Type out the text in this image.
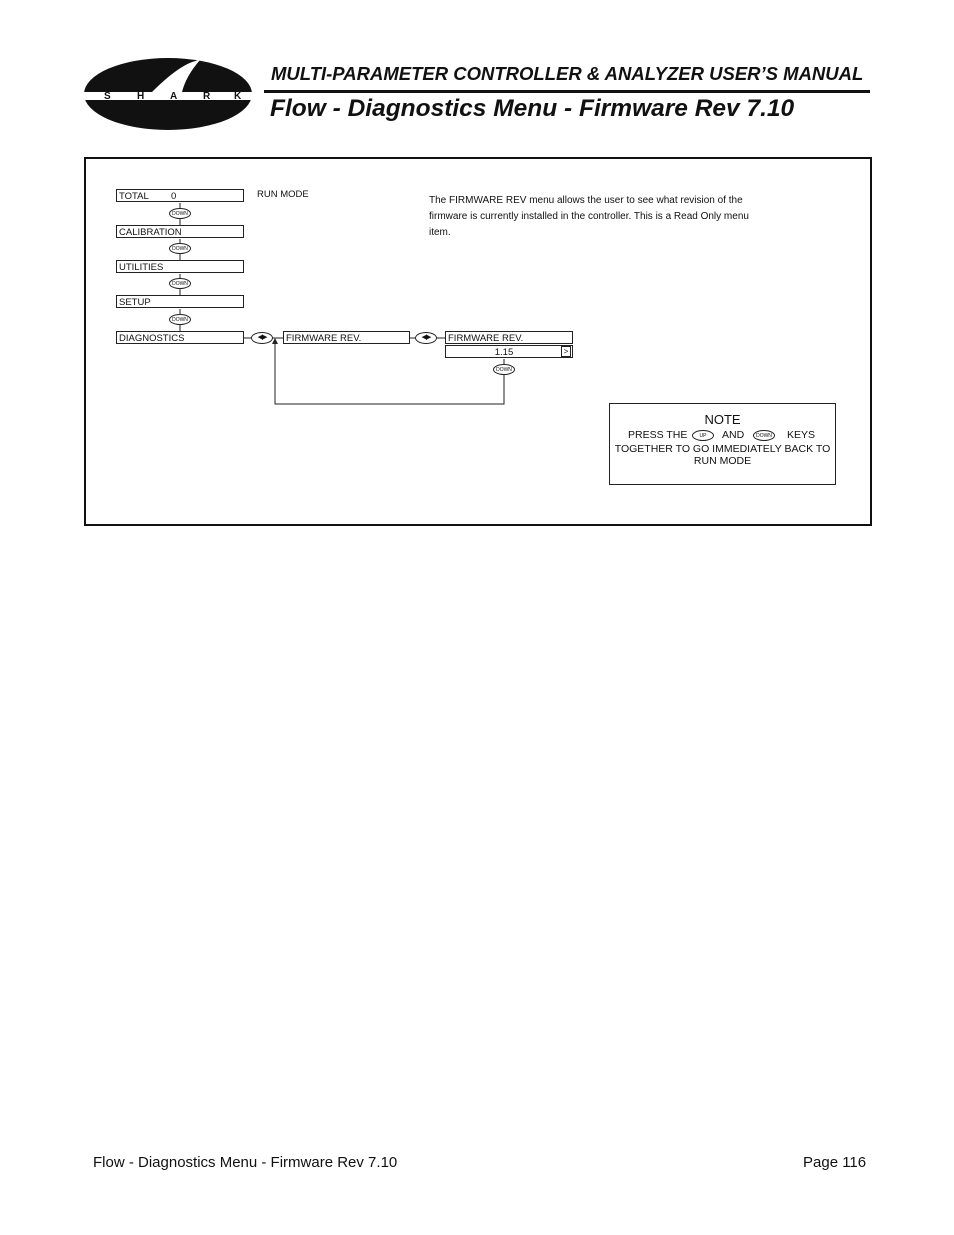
S	H	A	R K
MULTI-PARAMETER CONTROLLER & ANALYZER USER’S MANUAL
Flow - Diagnostics Menu - Firmware Rev 7.10
TOTAL 0
DOWN
CALIBRATION
DOWN
UTILITIES
DOWN
SETUP
DOWN
DIAGNOSTICS
RUN MODE
◀▶	FIRMWARE REV.	◀▶	FIRMWARE REV.
1.15	>
DOWN
The FIRMWARE REV menu allows the user to see what revision of the firmware is currently installed in the controller. This is a Read Only menu item.
NOTE
PRESS THE	UP	AND	DOWN KEYS
TOGETHER TO GO IMMEDIATELY BACK TO
RUN MODE
Flow - Diagnostics Menu - Firmware Rev 7.10	Page 116
